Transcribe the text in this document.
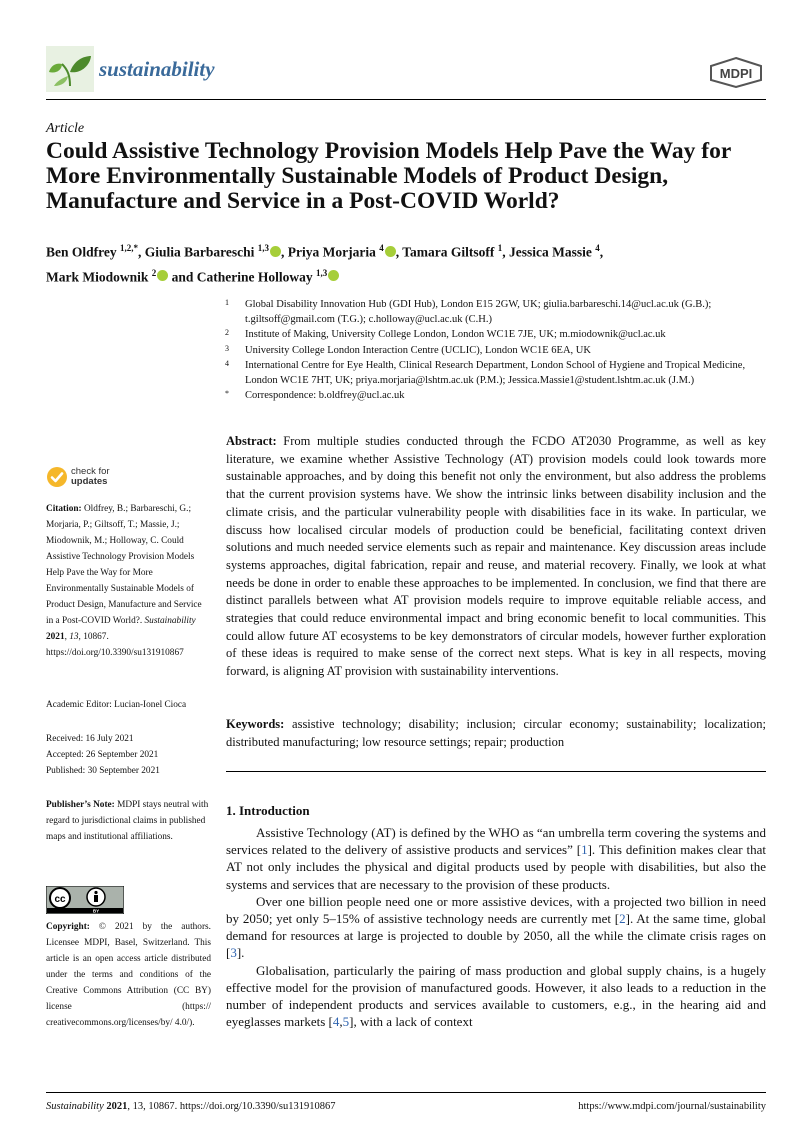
sustainability	MDPI
Article
Could Assistive Technology Provision Models Help Pave the Way for More Environmentally Sustainable Models of Product Design, Manufacture and Service in a Post-COVID World?
Ben Oldfrey $^{1,2,*}$, Giulia Barbareschi $^{1,3}$ , Priya Morjaria $^4$ , Tamara Giltsoff $^1$, Jessica Massie $^4$,
Mark Miodownik $^2$ and Catherine Holloway $^{1,3}$
1	Global Disability Innovation Hub (GDI Hub), London E15 2GW, UK; giulia.barbareschi.14@ucl.ac.uk (G.B.); t.giltsoff@gmail.com (T.G.); c.holloway@ucl.ac.uk (C.H.)
2	Institute of Making, University College London, London WC1E 7JE, UK; m.miodownik@ucl.ac.uk
3	University College London Interaction Centre (UCLIC), London WC1E 6EA, UK
4	International Centre for Eye Health, Clinical Research Department, London School of Hygiene and Tropical Medicine, London WC1E 7HT, UK; priya.morjaria@lshtm.ac.uk (P.M.); Jessica.Massie1@student.lshtm.ac.uk (J.M.)
*	Correspondence: b.oldfrey@ucl.ac.uk
Abstract: From multiple studies conducted through the FCDO AT2030 Programme, as well as key literature, we examine whether Assistive Technology (AT) provision models could look towards more sustainable approaches, and by doing this benefit not only the environment, but also address the problems that the current provision systems have. We show the intrinsic links between disability inclusion and the climate crisis, and the particular vulnerability people with disabilities face in its wake. In particular, we discuss how localised circular models of production could be beneficial, facilitating context driven solutions and much needed service elements such as repair and maintenance. Key discussion areas include systems approaches, digital fabrication, repair and reuse, and material recovery. Finally, we look at what needs be done in order to enable these approaches to be implemented. In conclusion, we find that there are distinct parallels between what AT provision models require to improve equitable reliable access, and strategies that could reduce environmental impact and bring economic benefit to local communities. This could allow future AT ecosystems to be key demonstrators of circular models, however further exploration of these ideas is required to make sense of the correct next steps. What is key in all respects, moving forward, is aligning AT provision with sustainability interventions.
Keywords: assistive technology; disability; inclusion; circular economy; sustainability; localization; distributed manufacturing; low resource settings; repair; production
1. Introduction

Assistive Technology (AT) is defined by the WHO as “an umbrella term covering the systems and services related to the delivery of assistive products and services” [1]. This definition makes clear that AT not only includes the physical and digital products used by people with disabilities, but also the systems and services that are necessary to the provision of these products.

Over one billion people need one or more assistive devices, with a projected two billion in need by 2050; yet only 5–15% of assistive technology needs are currently met [2]. At the same time, global demand for resources at large is projected to double by 2050, all the while the climate crisis rages on [3].

Globalisation, particularly the pairing of mass production and global supply chains, is a hugely effective model for the provision of manufactured goods. However, it also leads to a reduction in the number of independent products and services available to customers, e.g., in the hearing aid and eyeglasses markets [4,5], with a lack of context

check for
updates
Citation: Oldfrey, B.; Barbareschi, G.; Morjaria, P.; Giltsoff, T.; Massie, J.; Miodownik, M.; Holloway, C. Could Assistive Technology Provision Models Help Pave the Way for More Environmentally Sustainable Models of Product Design, Manufacture and Service in a Post-COVID World?. Sustainability 2021, 13, 10867. https://doi.org/10.3390/su131910867
Academic Editor: Lucian-Ionel Cioca
Received: 16 July 2021
Accepted: 26 September 2021
Published: 30 September 2021
Publisher’s Note: MDPI stays neutral with regard to jurisdictional claims in published maps and institutional affiliations.
cc
BY
Copyright: © 2021 by the authors. Licensee MDPI, Basel, Switzerland. This article is an open access article distributed under the terms and conditions of the Creative Commons Attribution (CC BY) license (https:// creativecommons.org/licenses/by/ 4.0/).
Sustainability 2021, 13, 10867. https://doi.org/10.3390/su131910867	https://www.mdpi.com/journal/sustainability
